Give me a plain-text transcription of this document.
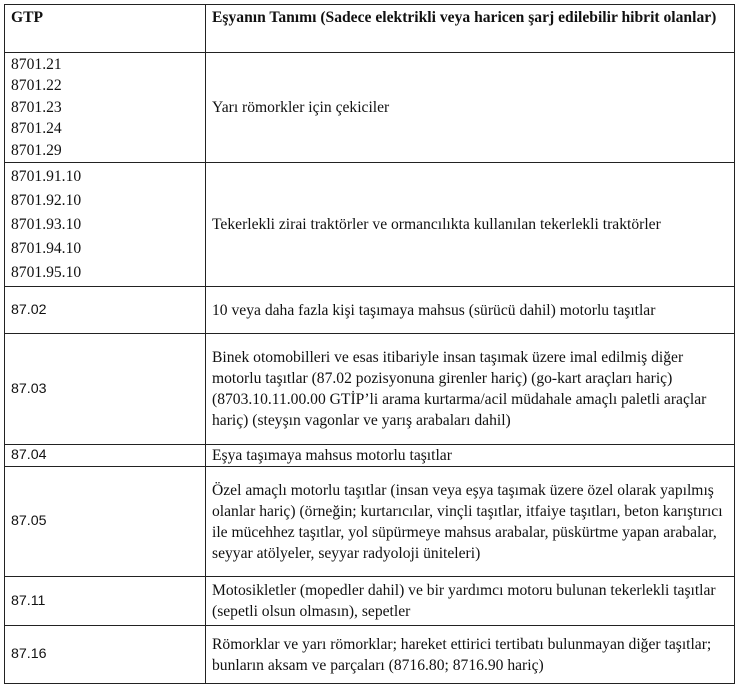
GTP	Eşyanın Tanımı (Sadece elektrikli veya haricen şarj edilebilir hibrit olanlar)

8701.21
8701.22
8701.23
8701.24
8701.29	Yarı römorkler için çekiciler

8701.91.10
8701.92.10
8701.93.10
8701.94.10
8701.95.10	Tekerlekli zirai traktörler ve ormancılıkta kullanılan tekerlekli traktörler
87.02	10 veya daha fazla kişi taşımaya mahsus (sürücü dahil) motorlu taşıtlar
87.03	Binek otomobilleri ve esas itibariyle insan taşımak üzere imal edilmiş diğer motorlu taşıtlar (87.02 pozisyonuna girenler hariç) (go-kart araçları hariç) (8703.10.11.00.00 GTİP’li arama kurtarma/acil müdahale amaçlı paletli araçlar hariç) (steyşın vagonlar ve yarış arabaları dahil)
87.04	Eşya taşımaya mahsus motorlu taşıtlar
87.05	Özel amaçlı motorlu taşıtlar (insan veya eşya taşımak üzere özel olarak yapılmış olanlar hariç) (örneğin; kurtarıcılar, vinçli taşıtlar, itfaiye taşıtları, beton karıştırıcı ile mücehhez taşıtlar, yol süpürmeye mahsus arabalar, püskürtme yapan arabalar, seyyar atölyeler, seyyar radyoloji üniteleri)
87.11	Motosikletler (mopedler dahil) ve bir yardımcı motoru bulunan tekerlekli taşıtlar (sepetli olsun olmasın), sepetler
87.16	Römorklar ve yarı römorklar; hareket ettirici tertibatı bulunmayan diğer taşıtlar; bunların aksam ve parçaları (8716.80; 8716.90 hariç)
